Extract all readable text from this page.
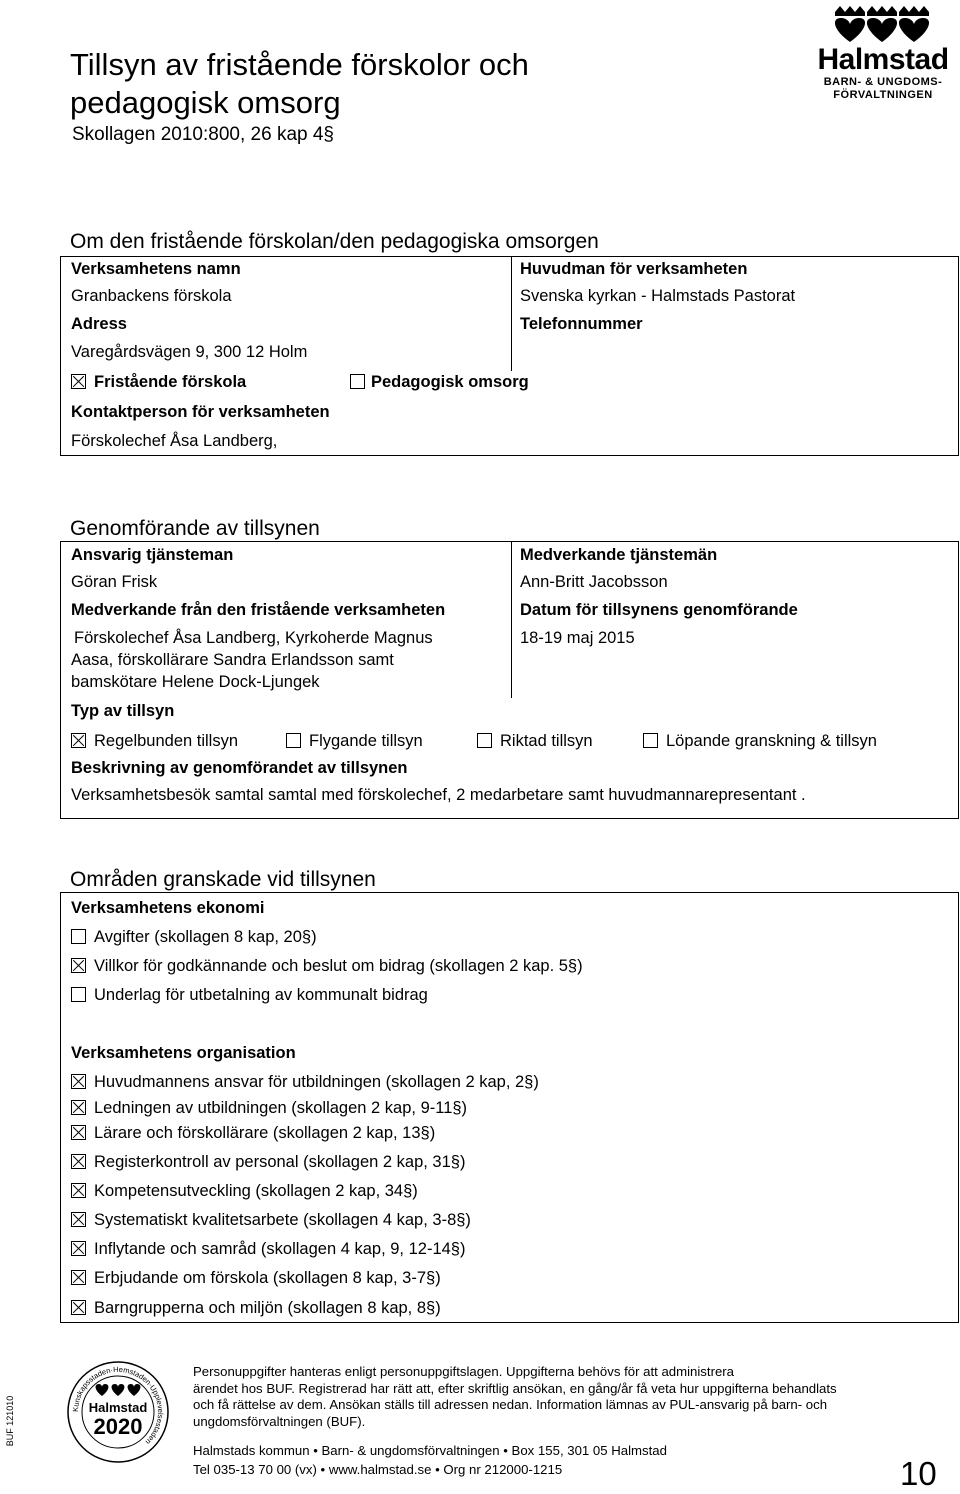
Tillsyn av fristående förskolor och
pedagogisk omsorg
Skollagen 2010:800, 26 kap 4§
Halmstad
BARN- & UNGDOMS-
FÖRVALTNINGEN
Om den fristående förskolan/den pedagogiska omsorgen
Verksamhetens namn
Granbackens förskola
Huvudman för verksamheten
Svenska kyrkan - Halmstads Pastorat
Adress
Varegårdsvägen 9, 300 12 Holm
Telefonnummer
Fristående förskola	Pedagogisk omsorg
Kontaktperson för verksamheten
Förskolechef Åsa Landberg,
Genomförande av tillsynen
Ansvarig tjänsteman
Göran Frisk
Medverkande tjänstemän
Ann-Britt Jacobsson
Medverkande från den fristående verksamheten
Förskolechef Åsa Landberg, Kyrkoherde Magnus
Aasa, förskollärare Sandra Erlandsson samt
bamskötare Helene Dock-Ljungek
Datum för tillsynens genomförande
18-19 maj 2015
Typ av tillsyn
Regelbunden tillsyn	Flygande tillsyn	Riktad tillsyn	Löpande granskning & tillsyn
Beskrivning av genomförandet av tillsynen
Verksamhetsbesök samtal samtal med förskolechef, 2 medarbetare samt huvudmannarepresentant .
Områden granskade vid tillsynen
Verksamhetens ekonomi
Avgifter (skollagen 8 kap, 20§)
Villkor för godkännande och beslut om bidrag (skollagen 2 kap. 5§)
Underlag för utbetalning av kommunalt bidrag
Verksamhetens organisation
Huvudmannens ansvar för utbildningen (skollagen 2 kap, 2§)
Ledningen av utbildningen (skollagen 2 kap, 9-11§)
Lärare och förskollärare (skollagen 2 kap, 13§)
Registerkontroll av personal (skollagen 2 kap, 31§)
Kompetensutveckling (skollagen 2 kap, 34§)
Systematiskt kvalitetsarbete (skollagen 4 kap, 3-8§)
Inflytande och samråd (skollagen 4 kap, 9, 12-14§)
Erbjudande om förskola (skollagen 8 kap, 3-7§)
Barngrupperna och miljön (skollagen 8 kap, 8§)
BUF 121010	Kunskapsstaden·Hemstaden·Upplevelsestaden
Halmstad
2020
Personuppgifter hanteras enligt personuppgiftslagen. Uppgifterna behövs för att administrera
ärendet hos BUF. Registrerad har rätt att, efter skriftlig ansökan, en gång/år få veta hur uppgifterna behandlats
och få rättelse av dem. Ansökan ställs till adressen nedan. Information lämnas av PUL-ansvarig på barn- och
ungdomsförvaltningen (BUF).
Halmstads kommun • Barn- & ungdomsförvaltningen • Box 155, 301 05 Halmstad
Tel 035-13 70 00 (vx) • www.halmstad.se • Org nr 212000-1215	10
